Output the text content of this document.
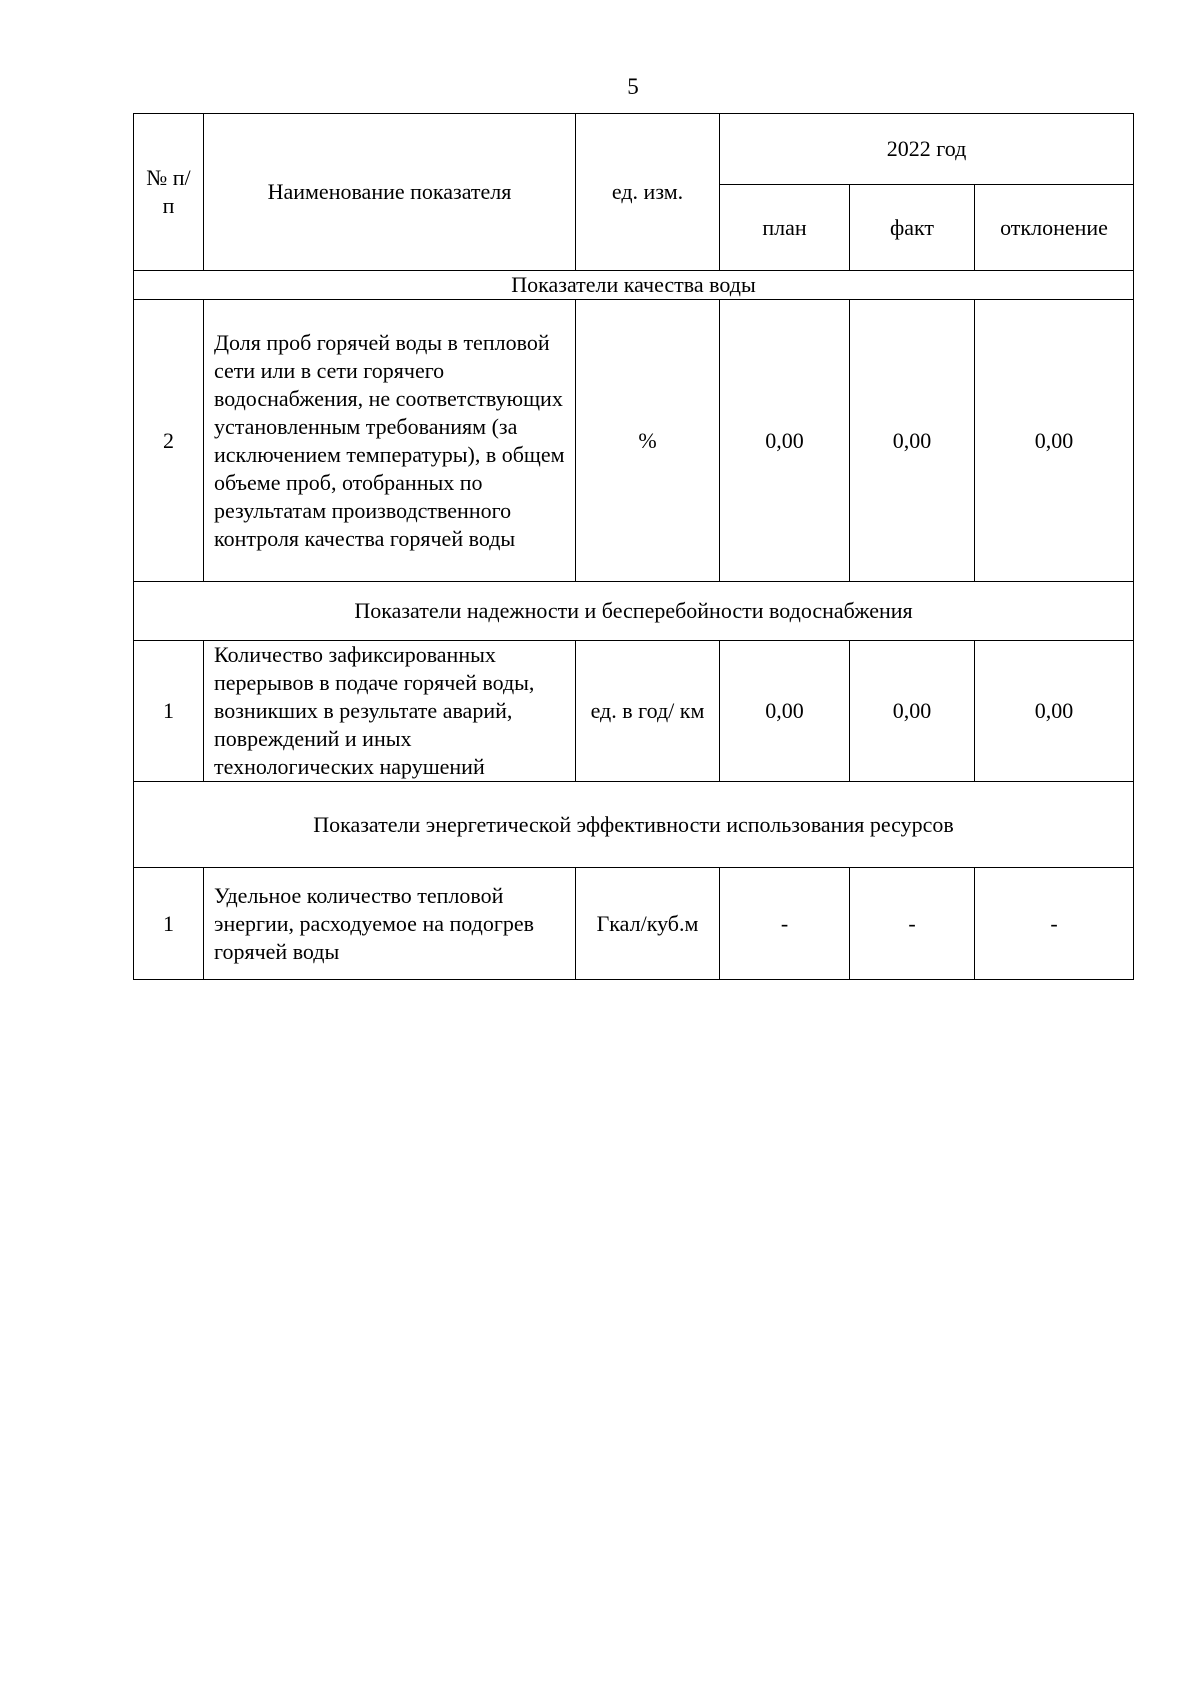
5
№ п/п	Наименование показателя	ед. изм.	2022 год		
			план	факт	отклонение
Показатели качества воды					
2	Доля проб горячей воды в тепловой сети или в сети горячего водоснабжения, не соответствующих установленным требованиям (за исключением температуры), в общем объеме проб, отобранных по результатам производственного контроля качества горячей воды	%	0,00	0,00	0,00
Показатели надежности и бесперебойности водоснабжения					
1	Количество зафиксированных перерывов в подаче горячей воды, возникших в результате аварий, повреждений и иных технологических нарушений	ед. в год/ км	0,00	0,00	0,00
Показатели энергетической эффективности использования ресурсов					
1	Удельное количество тепловой энергии, расходуемое на подогрев горячей воды	Гкал/куб.м	-	-	-
